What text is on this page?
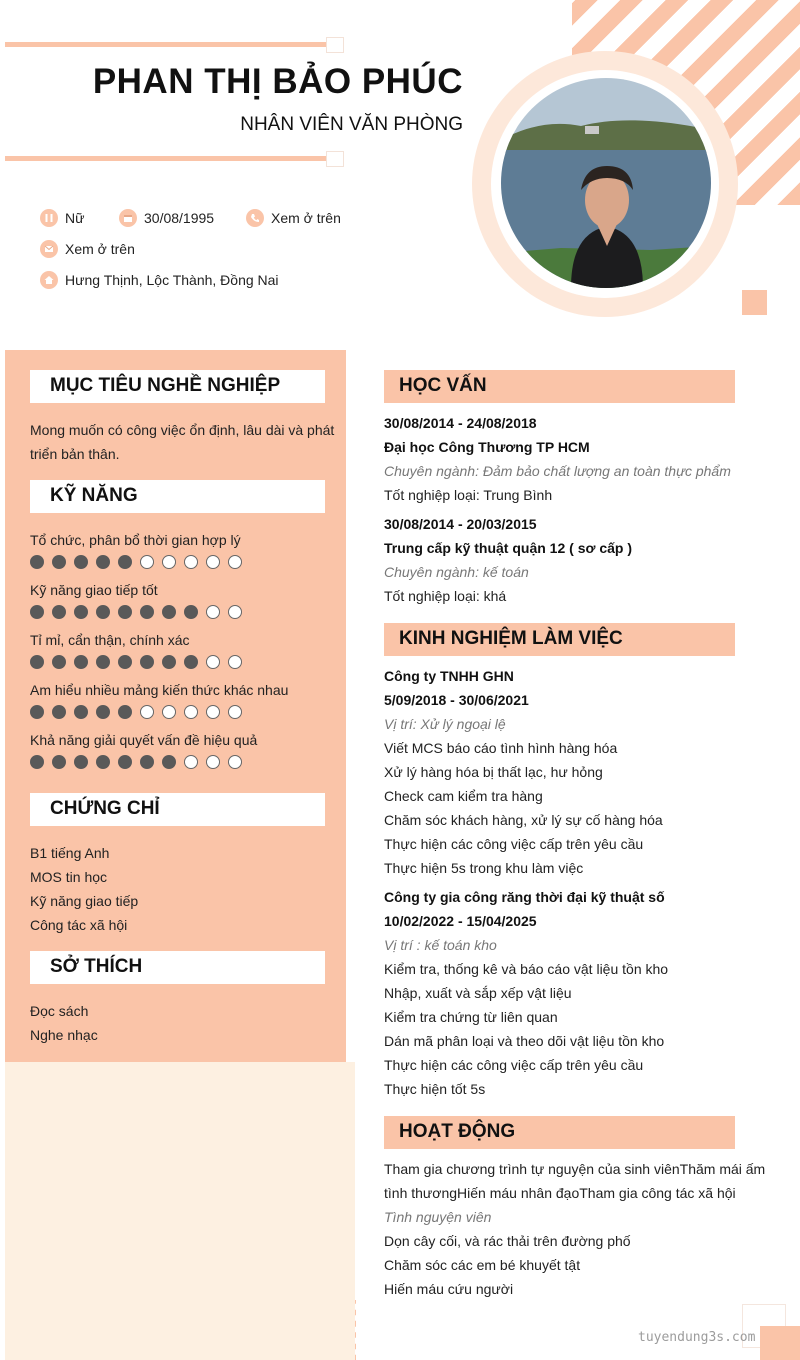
PHAN THỊ BẢO PHÚC
NHÂN VIÊN VĂN PHÒNG
Nữ	30/08/1995	Xem ở trên
Xem ở trên
Hưng Thịnh, Lộc Thành, Đồng Nai
MỤC TIÊU NGHỀ NGHIỆP
Mong muốn có công việc ổn định, lâu dài và phát
triển bản thân.
KỸ NĂNG
Tổ chức, phân bổ thời gian hợp lý
Kỹ năng giao tiếp tốt
Tỉ mỉ, cẩn thận, chính xác
Am hiểu nhiều mảng kiến thức khác nhau
Khả năng giải quyết vấn đề hiệu quả
CHỨNG CHỈ
B1 tiếng Anh
MOS tin học
Kỹ năng giao tiếp
Công tác xã hội
SỞ THÍCH
Đọc sách
Nghe nhạc
HỌC VẤN
30/08/2014 - 24/08/2018
Đại học Công Thương TP HCM
Chuyên ngành: Đảm bảo chất lượng an toàn thực phẩm
Tốt nghiệp loại: Trung Bình
30/08/2014 - 20/03/2015
Trung cấp kỹ thuật quận 12 ( sơ cấp )
Chuyên ngành: kế toán
Tốt nghiệp loại: khá
KINH NGHIỆM LÀM VIỆC
Công ty TNHH GHN
5/09/2018 - 30/06/2021
Vị trí: Xử lý ngoại lệ
Viết MCS báo cáo tình hình hàng hóa
Xử lý hàng hóa bị thất lạc, hư hỏng
Check cam kiểm tra hàng
Chăm sóc khách hàng, xử lý sự cố hàng hóa
Thực hiện các công việc cấp trên yêu cầu
Thực hiện 5s trong khu làm việc
Công ty gia công răng thời đại kỹ thuật số
10/02/2022 - 15/04/2025
Vị trí : kế toán kho
Kiểm tra, thống kê và báo cáo vật liệu tồn kho
Nhập, xuất và sắp xếp vật liệu
Kiểm tra chứng từ liên quan
Dán mã phân loại và theo dõi vật liệu tồn kho
Thực hiện các công việc cấp trên yêu cầu
Thực hiện tốt 5s
HOẠT ĐỘNG
Tham gia chương trình tự nguyện của sinh viênThăm mái ấm
tình thươngHiến máu nhân đạoTham gia công tác xã hội
Tình nguyện viên
Dọn cây cối, và rác thải trên đường phố
Chăm sóc các em bé khuyết tật
Hiến máu cứu người
tuyendung3s.com
